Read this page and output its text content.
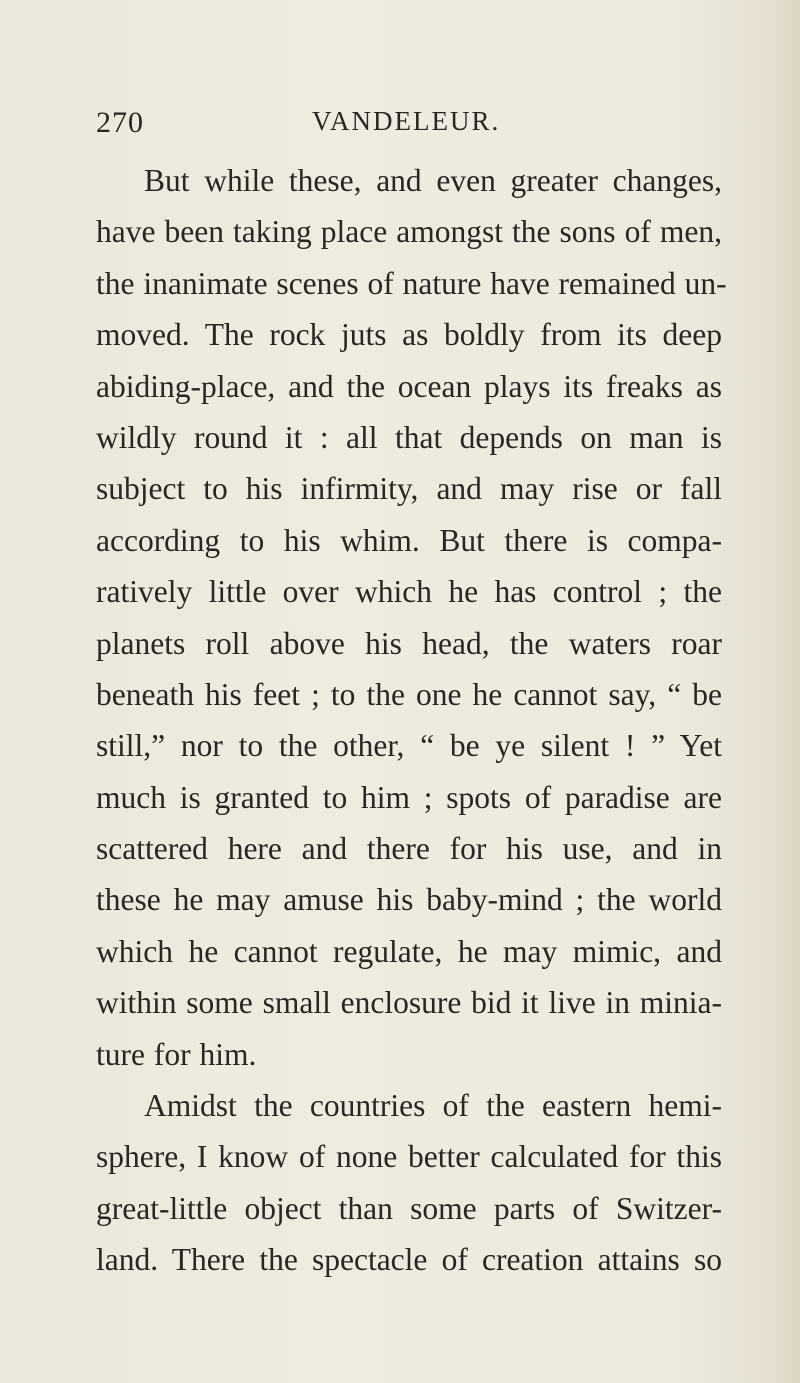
270	VANDELEUR.
But while these, and even greater changes,
have been taking place amongst the sons of men,
the inanimate scenes of nature have remained un-
moved. The rock juts as boldly from its deep
abiding-place, and the ocean plays its freaks as
wildly round it : all that depends on man is
subject to his infirmity, and may rise or fall
according to his whim. But there is compa-
ratively little over which he has control ; the
planets roll above his head, the waters roar
beneath his feet ; to the one he cannot say, “ be
still,” nor to the other, “ be ye silent ! ” Yet
much is granted to him ; spots of paradise are
scattered here and there for his use, and in
these he may amuse his baby-mind ; the world
which he cannot regulate, he may mimic, and
within some small enclosure bid it live in minia-
ture for him.
Amidst the countries of the eastern hemi-
sphere, I know of none better calculated for this
great-little object than some parts of Switzer-
land. There the spectacle of creation attains so
